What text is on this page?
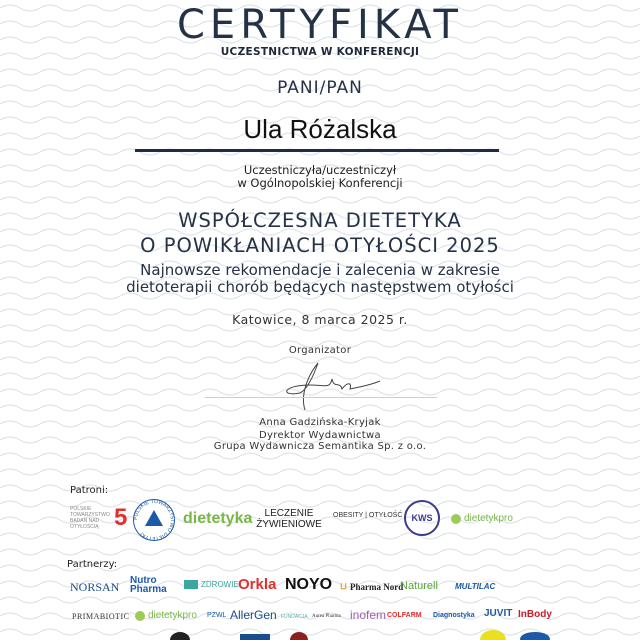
CERTYFIKAT
UCZESTNICTWA W KONFERENCJI
PANI/PAN
Ula Różalska
Uczestniczyła/uczestniczył
w Ogólnopolskiej Konferencji
WSPÓŁCZESNA DIETETYKA
O POWIKŁANIACH OTYŁOŚCI 2025
Najnowsze rekomendacje i zalecenia w zakresie
dietoterapii chorób będących następstwem otyłości
Katowice, 8 marca 2025 r.
Organizator
Anna Gadzińska-Kryjak
Dyrektor Wydawnictwa
Grupa Wydawnicza Semantika Sp. z o.o.
Patroni:
POLSKIE TOWARZYSTWO BADAŃ NAD OTYŁOŚCIĄ 5 POLSKIE TOWARZYSTWO DIETETYKI
dietetyka	LECZENIE ŻYWIENIOWE
OBESITY | OTYŁOŚĆ	KWS	dietetykpro
Partnerzy:
NORSAN Nutro Pharma	ZDROWIE Orkla NOYO ⊔ Pharma Nord
Naturell MULTILAC
PRIMABIOTIC dietetykpro PZWL AllerGen FUNDACJA Aurea Pharma inofem COLFARM Diagnostyka JUVIT InBody
